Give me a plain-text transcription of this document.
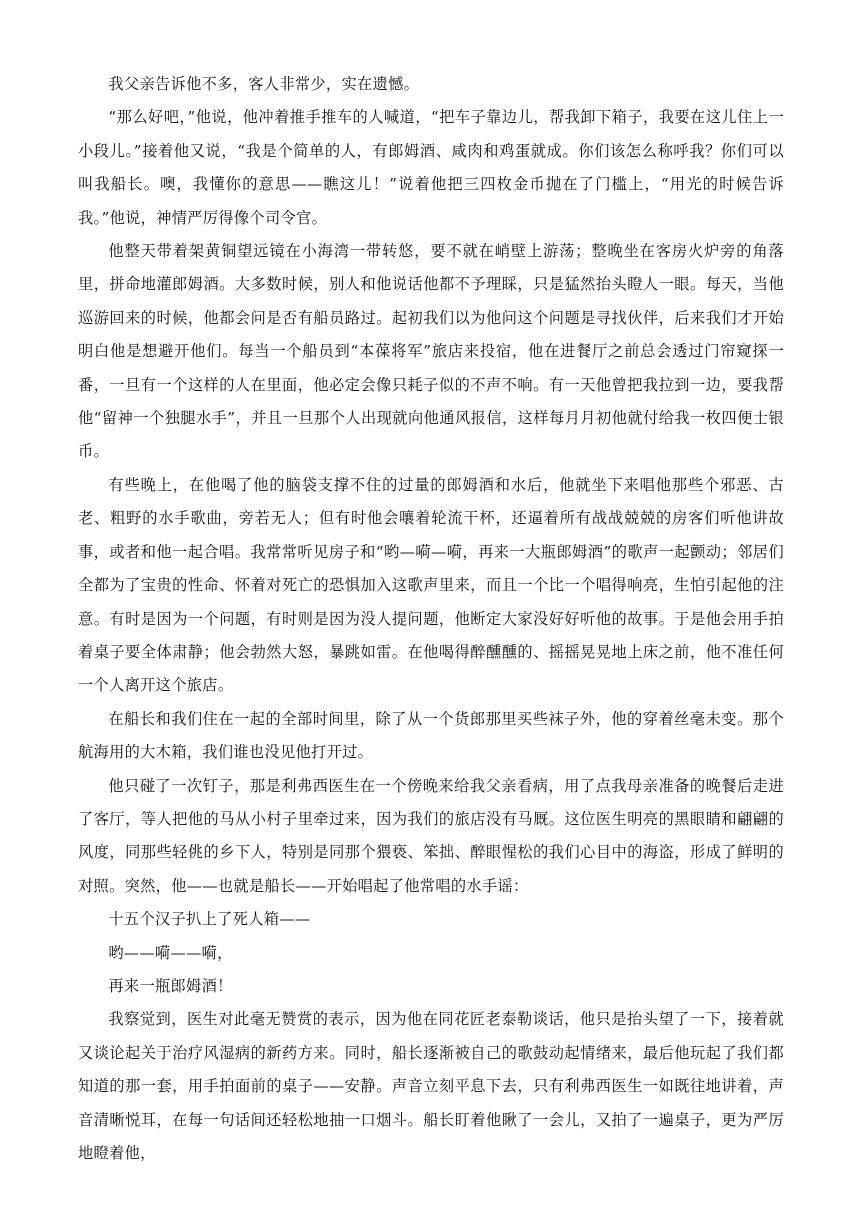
我父亲告诉他不多，客人非常少，实在遗憾。

“那么好吧，”他说，他冲着推手推车的人喊道，“把车子靠边儿，帮我卸下箱子，我要在这儿住上一小段儿。”接着他又说，“我是个简单的人，有郎姆酒、咸肉和鸡蛋就成。你们该怎么称呼我？你们可以叫我船长。噢，我懂你的意思——瞧这儿！”说着他把三四枚金币抛在了门槛上，“用光的时候告诉我。”他说，神情严厉得像个司令官。

他整天带着架黄铜望远镜在小海湾一带转悠，要不就在峭壁上游荡；整晚坐在客房火炉旁的角落里，拼命地灌郎姆酒。大多数时候，别人和他说话他都不予理睬，只是猛然抬头瞪人一眼。每天，当他巡游回来的时候，他都会问是否有船员路过。起初我们以为他问这个问题是寻找伙伴，后来我们才开始明白他是想避开他们。每当一个船员到“本葆将军”旅店来投宿，他在进餐厅之前总会透过门帘窥探一番，一旦有一个这样的人在里面，他必定会像只耗子似的不声不响。有一天他曾把我拉到一边，要我帮他“留神一个独腿水手”，并且一旦那个人出现就向他通风报信，这样每月月初他就付给我一枚四便士银币。

有些晚上，在他喝了他的脑袋支撑不住的过量的郎姆酒和水后，他就坐下来唱他那些个邪恶、古老、粗野的水手歌曲，旁若无人；但有时他会嚷着轮流干杯，还逼着所有战战兢兢的房客们听他讲故事，或者和他一起合唱。我常常听见房子和“哟—嗬—嗬，再来一大瓶郎姆酒”的歌声一起颤动；邻居们全都为了宝贵的性命、怀着对死亡的恐惧加入这歌声里来，而且一个比一个唱得响亮，生怕引起他的注意。有时是因为一个问题，有时则是因为没人提问题，他断定大家没好好听他的故事。于是他会用手拍着桌子要全体肃静；他会勃然大怒，暴跳如雷。在他喝得醉醺醺的、摇摇晃晃地上床之前，他不准任何一个人离开这个旅店。

在船长和我们住在一起的全部时间里，除了从一个货郎那里买些袜子外，他的穿着丝毫未变。那个航海用的大木箱，我们谁也没见他打开过。

他只碰了一次钉子，那是利弗西医生在一个傍晚来给我父亲看病，用了点我母亲准备的晚餐后走进了客厅，等人把他的马从小村子里牵过来，因为我们的旅店没有马厩。这位医生明亮的黑眼睛和翩翩的风度，同那些轻佻的乡下人，特别是同那个猥亵、笨拙、醉眼惺松的我们心目中的海盗，形成了鲜明的对照。突然，他——也就是船长——开始唱起了他常唱的水手谣：

十五个汉子扒上了死人箱——

哟——嗬——嗬，

再来一瓶郎姆酒！

我察觉到，医生对此毫无赞赏的表示，因为他在同花匠老泰勒谈话，他只是抬头望了一下，接着就又谈论起关于治疗风湿病的新药方来。同时，船长逐渐被自己的歌鼓动起情绪来，最后他玩起了我们都知道的那一套，用手拍面前的桌子——安静。声音立刻平息下去，只有利弗西医生一如既往地讲着，声音清晰悦耳，在每一句话间还轻松地抽一口烟斗。船长盯着他瞅了一会儿，又拍了一遍桌子，更为严厉地瞪着他，
